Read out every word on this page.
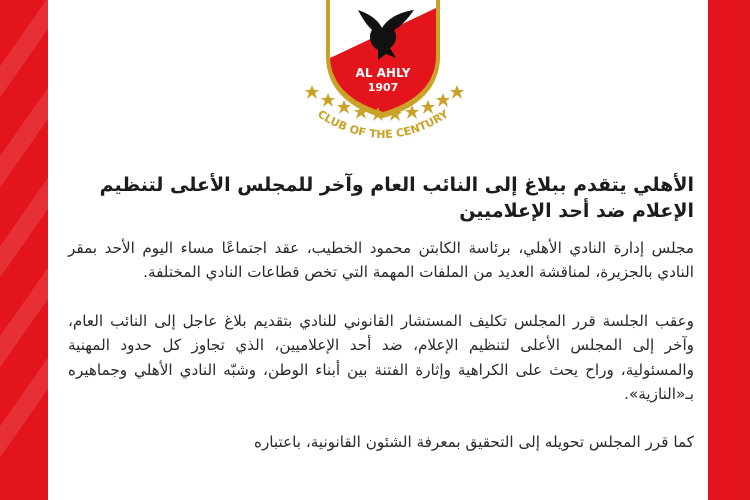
AL AHLY
1907
CLUB OF THE CENTURY
الأهلي يتقدم ببلاغ إلى النائب العام وآخر للمجلس الأعلى لتنظيم الإعلام ضد أحد الإعلاميين

مجلس إدارة النادي الأهلي، برئاسة الكابتن محمود الخطيب، عقد اجتماعًا مساء اليوم الأحد بمقر النادي بالجزيرة، لمناقشة العديد من الملفات المهمة التي تخص قطاعات النادي المختلفة.

وعقب الجلسة قرر المجلس تكليف المستشار القانوني للنادي بتقديم بلاغ عاجل إلى النائب العام، وآخر إلى المجلس الأعلى لتنظيم الإعلام، ضد أحد الإعلاميين، الذي تجاوز كل حدود المهنية والمسئولية، وراح يحث على الكراهية وإثارة الفتنة بين أبناء الوطن، وشبّه النادي الأهلي وجماهيره بـ«النازية».

كما قرر المجلس تحويله إلى التحقيق بمعرفة الشئون القانونية، باعتباره
